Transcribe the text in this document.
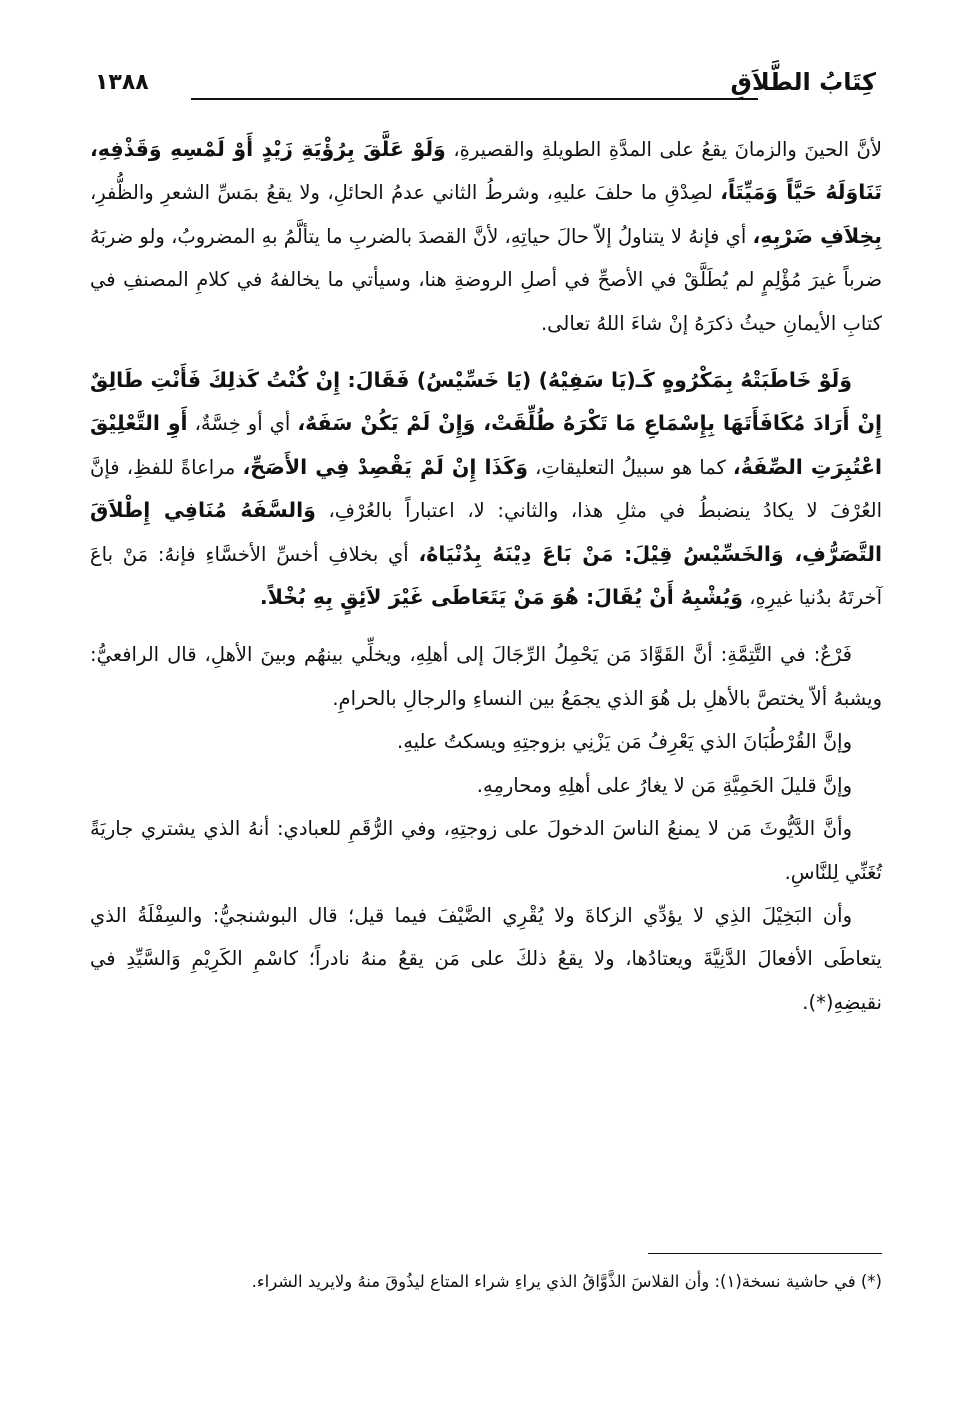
كِتَابُ الطَّلاَقِ
١٣٨٨

لأنَّ الحينَ والزمانَ يقعُ على المدَّةِ الطويلةِ والقصيرةِ، وَلَوْ عَلَّقَ بِرُؤْيَةِ زَيْدٍ أَوْ لَمْسِهِ وَقَذْفِهِ، تَنَاوَلَهُ حَيَّاً وَمَيِّتَاً، لصِدْقِ ما حلفَ عليهِ، وشرطُ الثاني عدمُ الحائلِ، ولا يقعُ بمَسِّ الشعرِ والظُّفرِ، بِخِلاَفِ ضَرْبِهِ، أي فإنهُ لا يتناولُ إلاّ حالَ حياتِهِ، لأنَّ القصدَ بالضربِ ما يتألَّمُ بهِ المضروبُ، ولو ضربَهُ ضرباً غيرَ مُؤْلِمٍ لم يُطَلَّقْ في الأصحِّ في أصلِ الروضةِ هنا، وسيأتي ما يخالفهُ في كلامِ المصنفِ في كتابِ الأيمانِ حيثُ ذكرَهُ إنْ شاءَ اللهُ تعالى.

وَلَوْ خَاطَبَتْهُ بِمَكْرُوهٍ كَـ(يَا سَفِيْهُ) (يَا خَسِّيْسُ) فَقَالَ: إِنْ كُنْتُ كَذلِكَ فَأَنْتِ طَالِقٌ إِنْ أَرَادَ مُكَافَأَتَهَا بِإِسْمَاعِ مَا تَكْرَهُ طُلِّقَتْ، وَإِنْ لَمْ يَكُنْ سَفَهٌ، أي أو خِسَّةٌ، أَوِ التَّعْلِيْقَ اعْتُبِرَتِ الصِّفَةُ، كما هو سبيلُ التعليقاتِ، وَكَذَا إِنْ لَمْ يَقْصِدْ فِي الأَصَحِّ، مراعاةً للفظِ، فإنَّ العُرْفَ لا يكادُ ينضبطُ في مثلِ هذا، والثاني: لا، اعتباراً بالعُرْفِ، وَالسَّفَهُ مُنَافِي إِطْلاَقَ التَّصَرُّفِ، وَالخَسِّيْسُ قِيْلَ: مَنْ بَاعَ دِيْنَهُ بِدُنْيَاهُ، أي بخلافِ أخسِّ الأخسَّاءِ فإنهُ: مَنْ باعَ آخرتَهُ بدُنيا غيرِهِ، وَيُشْبِهُ أَنْ يُقَالَ: هُوَ مَنْ يَتَعَاطَى غَيْرَ لاَئِقٍ بِهِ بُخْلاً.

فَرْعٌ: في التَّتِمَّةِ: أنَّ القَوَّادَ مَن يَحْمِلُ الرِّجَالَ إلى أهلِهِ، ويخلِّي بينهُم وبينَ الأهلِ، قال الرافعيُّ: ويشبهُ ألاّ يختصَّ بالأهلِ بل هُوَ الذي يجمَعُ بين النساءِ والرجالِ بالحرامِ.

وإنَّ القُرْطُبَانَ الذي يَعْرِفُ مَن يَزْنِي بزوجتِهِ ويسكتُ عليهِ.

وإنَّ قليلَ الحَمِيَّةِ مَن لا يغارُ على أهلِهِ ومحارمِهِ.

وأنَّ الدَّيُّوثَ مَن لا يمنعُ الناسَ الدخولَ على زوجتِهِ، وفي الرُّقَمِ للعبادي: أنهُ الذي يشتري جاريَةً تُغَنِّي لِلنَّاسِ.

وأن البَخِيْلَ الذِي لا يؤدِّي الزكاةَ ولا يُقْرِي الضَّيْفَ فيما قيل؛ قال البوشنجيُّ: والسِفْلَةُ الذي يتعاطَى الأفعالَ الدَّنِيَّةَ ويعتادُها، ولا يقعُ ذلكَ على مَن يقعُ منهُ نادراً؛ كاسْمِ الكَرِيْمِ وَالسَّيِّدِ في نقيضِهِ(*).

(*) في حاشية نسخة(١): وأن القلاسَ الذَّوَّاقُ الذي يراءِ شراء المتاع ليذُوقَ منهُ ولايريد الشراء.
